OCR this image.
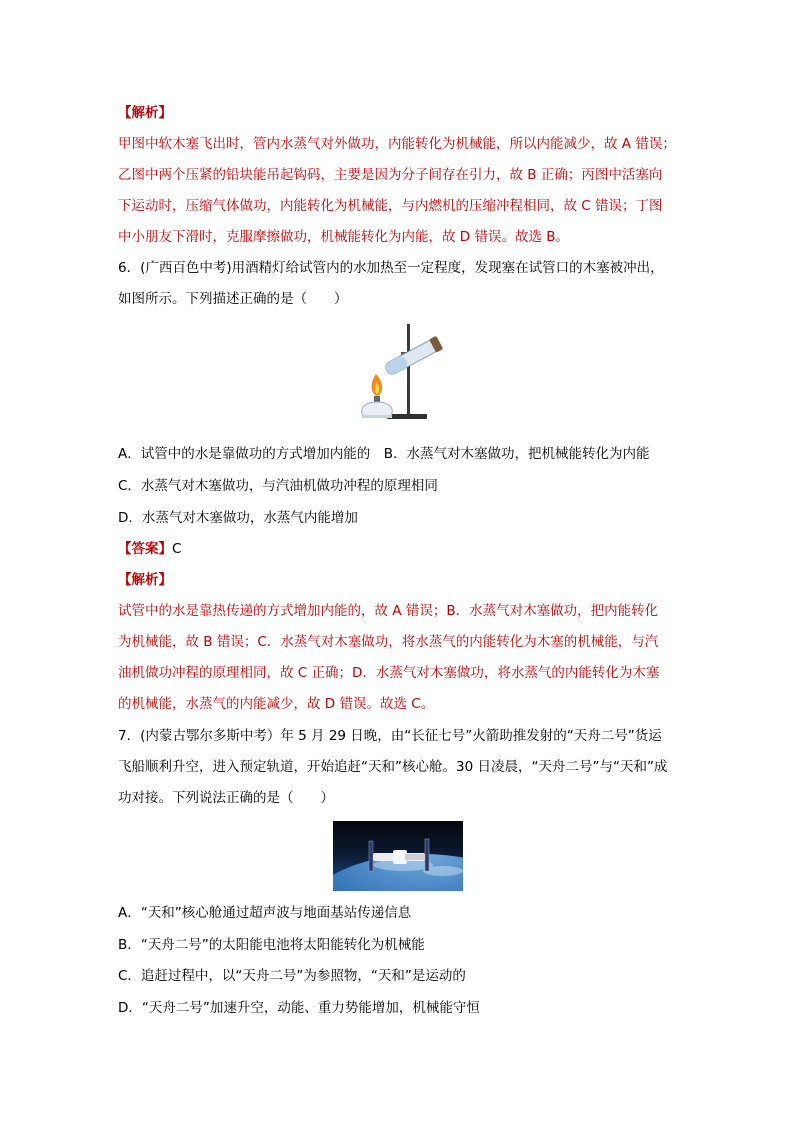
【解析】
甲图中软木塞飞出时，管内水蒸气对外做功，内能转化为机械能，所以内能减少，故 A 错误；
乙图中两个压紧的铅块能吊起钩码，主要是因为分子间存在引力，故 B 正确；丙图中活塞向
下运动时，压缩气体做功，内能转化为机械能，与内燃机的压缩冲程相同，故 C 错误；丁图
中小朋友下滑时，克服摩擦做功，机械能转化为内能，故 D 错误。故选 B。
6．(广西百色中考)用酒精灯给试管内的水加热至一定程度，发现塞在试管口的木塞被冲出，
如图所示。下列描述正确的是（　　）
A．试管中的水是靠做功的方式增加内能的　B．水蒸气对木塞做功，把机械能转化为内能
C．水蒸气对木塞做功，与汽油机做功冲程的原理相同
D．水蒸气对木塞做功，水蒸气内能增加
【答案】C
【解析】
试管中的水是靠热传递的方式增加内能的，故 A 错误；B．水蒸气对木塞做功，把内能转化
为机械能，故 B 错误；C．水蒸气对木塞做功，将水蒸气的内能转化为木塞的机械能，与汽
油机做功冲程的原理相同，故 C 正确；D．水蒸气对木塞做功，将水蒸气的内能转化为木塞
的机械能，水蒸气的内能减少，故 D 错误。故选 C。
7．(内蒙古鄂尔多斯中考）年 5 月 29 日晚，由“长征七号”火箭助推发射的“天舟二号”货运
飞船顺利升空，进入预定轨道，开始追赶“天和”核心舱。30 日凌晨，“天舟二号”与“天和”成
功对接。下列说法正确的是（　　）
A．“天和”核心舱通过超声波与地面基站传递信息
B．“天舟二号”的太阳能电池将太阳能转化为机械能
C．追赶过程中，以“天舟二号”为参照物，“天和”是运动的
D．“天舟二号”加速升空，动能、重力势能增加，机械能守恒
